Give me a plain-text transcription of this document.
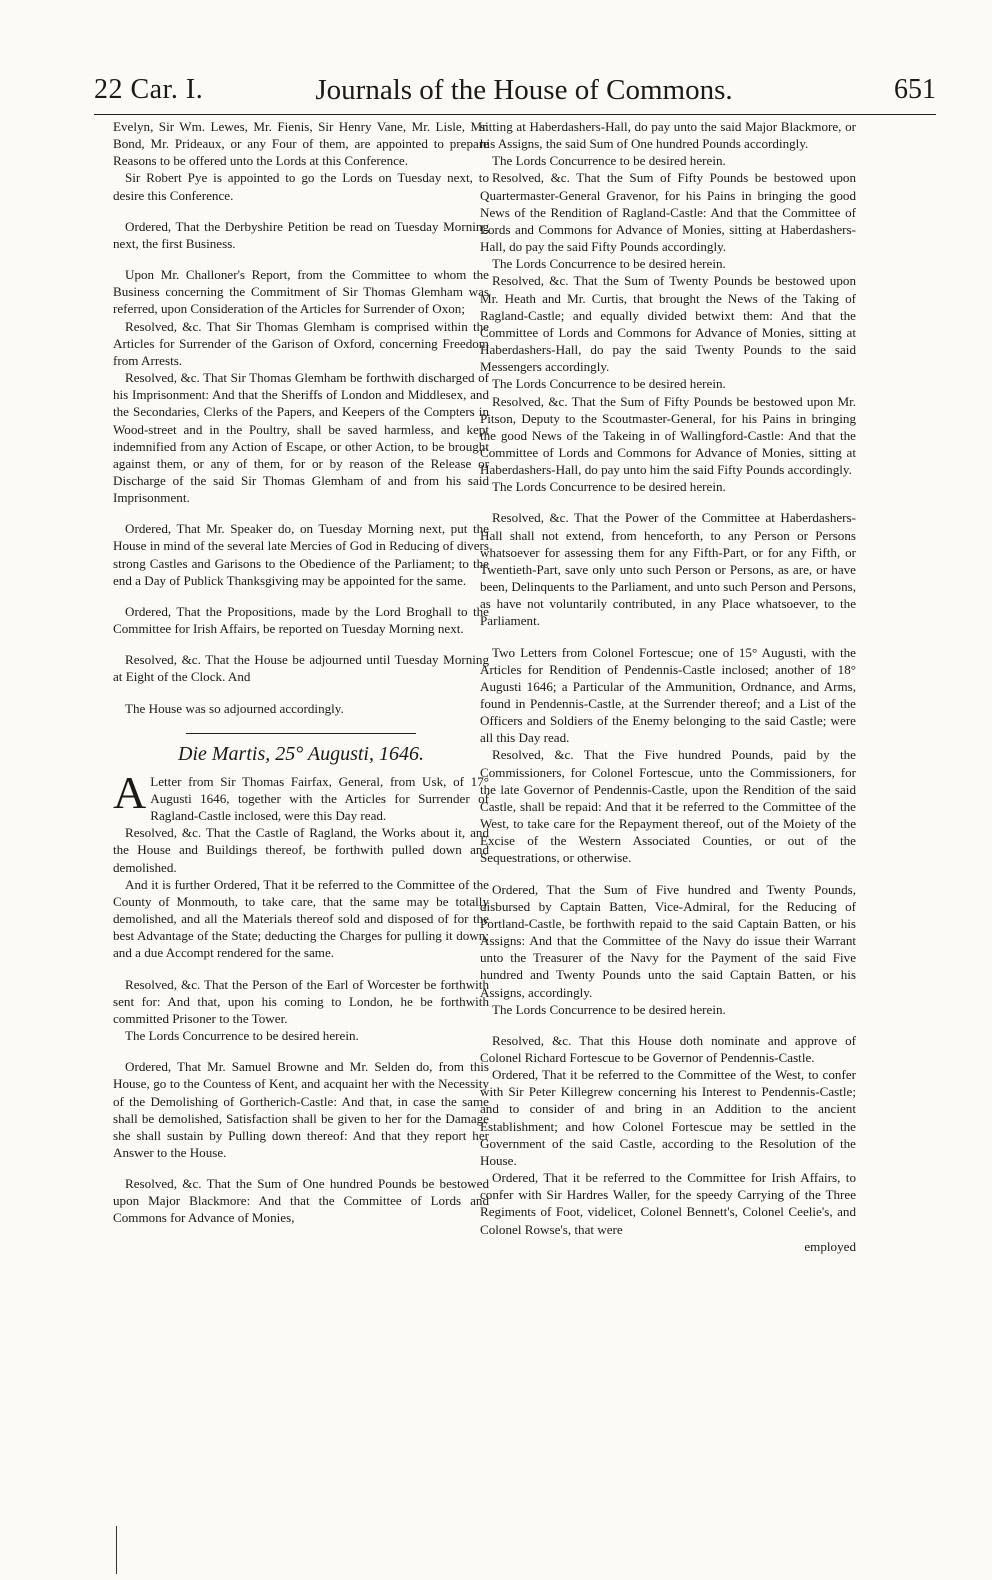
22 Car. I.	Journals of the House of Commons.	651

Evelyn, Sir Wm. Lewes, Mr. Fienis, Sir Henry Vane, Mr. Lisle, Mr. Bond, Mr. Prideaux, or any Four of them, are appointed to prepare Reasons to be offered unto the Lords at this Conference.

Sir Robert Pye is appointed to go the Lords on Tuesday next, to desire this Conference.

Ordered, That the Derbyshire Petition be read on Tuesday Morning next, the first Business.

Upon Mr. Challoner's Report, from the Committee to whom the Business concerning the Commitment of Sir Thomas Glemham was referred, upon Consideration of the Articles for Surrender of Oxon;

Resolved, &c. That Sir Thomas Glemham is comprised within the Articles for Surrender of the Garison of Oxford, concerning Freedom from Arrests.

Resolved, &c. That Sir Thomas Glemham be forthwith discharged of his Imprisonment: And that the Sheriffs of London and Middlesex, and the Secondaries, Clerks of the Papers, and Keepers of the Compters in Wood-street and in the Poultry, shall be saved harmless, and kept indemnified from any Action of Escape, or other Action, to be brought against them, or any of them, for or by reason of the Release or Discharge of the said Sir Thomas Glemham of and from his said Imprisonment.

Ordered, That Mr. Speaker do, on Tuesday Morning next, put the House in mind of the several late Mercies of God in Reducing of divers strong Castles and Garisons to the Obedience of the Parliament; to the end a Day of Publick Thanksgiving may be appointed for the same.

Ordered, That the Propositions, made by the Lord Broghall to the Committee for Irish Affairs, be reported on Tuesday Morning next.

Resolved, &c. That the House be adjourned until Tuesday Morning at Eight of the Clock. And

The House was so adjourned accordingly.

Die Martis, 25° Augusti, 1646.

A Letter from Sir Thomas Fairfax, General, from Usk, of 17° Augusti 1646, together with the Articles for Surrender of Ragland-Castle inclosed, were this Day read.

Resolved, &c. That the Castle of Ragland, the Works about it, and the House and Buildings thereof, be forthwith pulled down and demolished.

And it is further Ordered, That it be referred to the Committee of the County of Monmouth, to take care, that the same may be totally demolished, and all the Materials thereof sold and disposed of for the best Advantage of the State; deducting the Charges for pulling it down; and a due Accompt rendered for the same.

Resolved, &c. That the Person of the Earl of Worcester be forthwith sent for: And that, upon his coming to London, he be forthwith committed Prisoner to the Tower.

The Lords Concurrence to be desired herein.

Ordered, That Mr. Samuel Browne and Mr. Selden do, from this House, go to the Countess of Kent, and acquaint her with the Necessity of the Demolishing of Gortherich-Castle: And that, in case the same shall be demolished, Satisfaction shall be given to her for the Damage she shall sustain by Pulling down thereof: And that they report her Answer to the House.

Resolved, &c. That the Sum of One hundred Pounds be bestowed upon Major Blackmore: And that the Committee of Lords and Commons for Advance of Monies,

sitting at Haberdashers-Hall, do pay unto the said Major Blackmore, or his Assigns, the said Sum of One hundred Pounds accordingly.

The Lords Concurrence to be desired herein.

Resolved, &c. That the Sum of Fifty Pounds be bestowed upon Quartermaster-General Gravenor, for his Pains in bringing the good News of the Rendition of Ragland-Castle: And that the Committee of Lords and Commons for Advance of Monies, sitting at Haberdashers-Hall, do pay the said Fifty Pounds accordingly.

The Lords Concurrence to be desired herein.

Resolved, &c. That the Sum of Twenty Pounds be bestowed upon Mr. Heath and Mr. Curtis, that brought the News of the Taking of Ragland-Castle; and equally divided betwixt them: And that the Committee of Lords and Commons for Advance of Monies, sitting at Haberdashers-Hall, do pay the said Twenty Pounds to the said Messengers accordingly.

The Lords Concurrence to be desired herein.

Resolved, &c. That the Sum of Fifty Pounds be bestowed upon Mr. Pitson, Deputy to the Scoutmaster-General, for his Pains in bringing the good News of the Takeing in of Wallingford-Castle: And that the Committee of Lords and Commons for Advance of Monies, sitting at Haberdashers-Hall, do pay unto him the said Fifty Pounds accordingly.

The Lords Concurrence to be desired herein.

Resolved, &c. That the Power of the Committee at Haberdashers-Hall shall not extend, from henceforth, to any Person or Persons whatsoever for assessing them for any Fifth-Part, or for any Fifth, or Twentieth-Part, save only unto such Person or Persons, as are, or have been, Delinquents to the Parliament, and unto such Person and Persons, as have not voluntarily contributed, in any Place whatsoever, to the Parliament.

Two Letters from Colonel Fortescue; one of 15° Augusti, with the Articles for Rendition of Pendennis-Castle inclosed; another of 18° Augusti 1646; a Particular of the Ammunition, Ordnance, and Arms, found in Pendennis-Castle, at the Surrender thereof; and a List of the Officers and Soldiers of the Enemy belonging to the said Castle; were all this Day read.

Resolved, &c. That the Five hundred Pounds, paid by the Commissioners, for Colonel Fortescue, unto the Commissioners, for the late Governor of Pendennis-Castle, upon the Rendition of the said Castle, shall be repaid: And that it be referred to the Committee of the West, to take care for the Repayment thereof, out of the Moiety of the Excise of the Western Associated Counties, or out of the Sequestrations, or otherwise.

Ordered, That the Sum of Five hundred and Twenty Pounds, disbursed by Captain Batten, Vice-Admiral, for the Reducing of Portland-Castle, be forthwith repaid to the said Captain Batten, or his Assigns: And that the Committee of the Navy do issue their Warrant unto the Treasurer of the Navy for the Payment of the said Five hundred and Twenty Pounds unto the said Captain Batten, or his Assigns, accordingly.

The Lords Concurrence to be desired herein.

Resolved, &c. That this House doth nominate and approve of Colonel Richard Fortescue to be Governor of Pendennis-Castle.

Ordered, That it be referred to the Committee of the West, to confer with Sir Peter Killegrew concerning his Interest to Pendennis-Castle; and to consider of and bring in an Addition to the ancient Establishment; and how Colonel Fortescue may be settled in the Government of the said Castle, according to the Resolution of the House.

Ordered, That it be referred to the Committee for Irish Affairs, to confer with Sir Hardres Waller, for the speedy Carrying of the Three Regiments of Foot, videlicet, Colonel Bennett's, Colonel Ceelie's, and Colonel Rowse's, that were

employed
